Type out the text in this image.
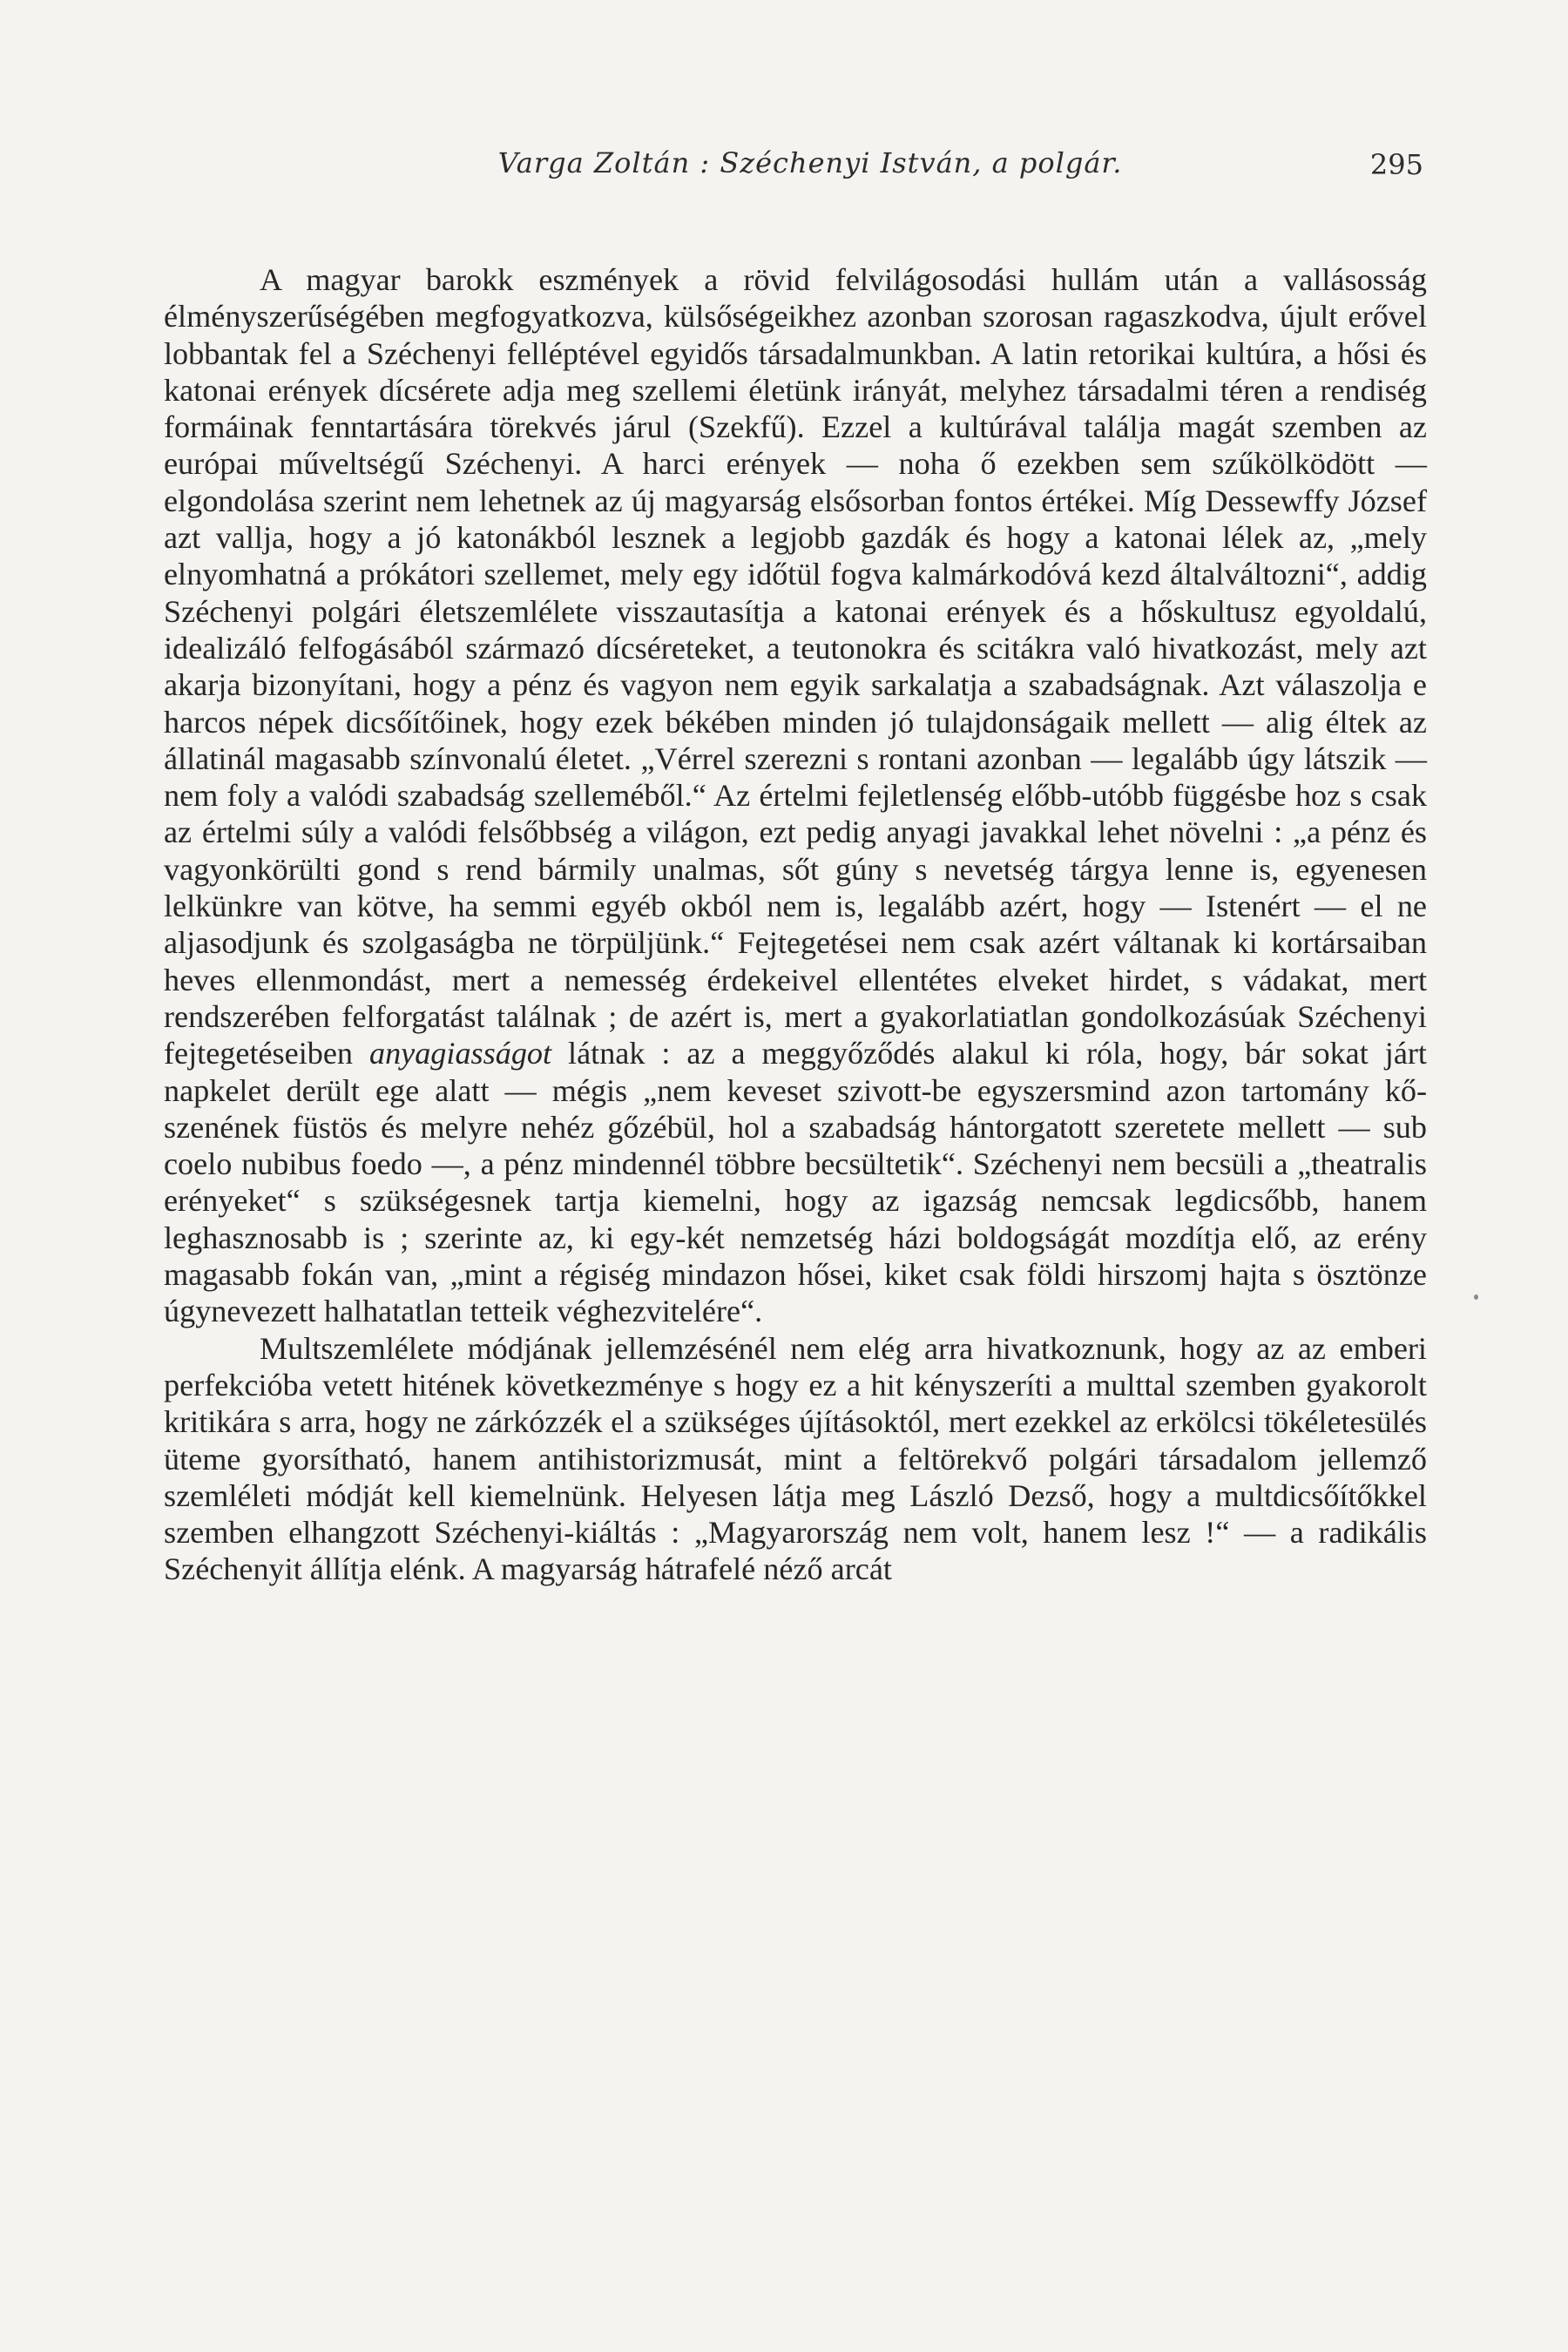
Varga Zoltán : Széchenyi István, a polgár.	295

A magyar barokk eszmények a rövid felvilágosodási hullám után a vallásosság élményszerűségében megfogyatkozva, külsőségeikhez azonban szorosan ragaszkodva, újult erővel lobbantak fel a Széchenyi felléptével egyidős társadalmunkban. A latin retorikai kultúra, a hősi és katonai erények dícsérete adja meg szellemi életünk irányát, melyhez társadalmi téren a rendiség formáinak fenntartására törekvés járul (Szekfű). Ezzel a kultúrával találja magát szemben az európai műveltségű Széchenyi. A harci erények — noha ő ezekben sem szűkölködött — elgondolása szerint nem lehetnek az új magyarság elsősorban fontos értékei. Míg Dessewffy József azt vallja, hogy a jó katonákból lesznek a legjobb gazdák és hogy a katonai lélek az, „mely elnyomhatná a prókátori szellemet, mely egy időtül fogva kalmárkodóvá kezd általváltozni“, addig Széchenyi polgári életszemlélete visszautasítja a katonai erények és a hőskultusz egyoldalú, idealizáló felfogásából származó dícséreteket, a teutonokra és scitákra való hivatkozást, mely azt akarja bizonyítani, hogy a pénz és vagyon nem egyik sarkalatja a szabadságnak. Azt válaszolja e harcos népek dicsőítőinek, hogy ezek békében minden jó tulajdonságaik mellett — alig éltek az állatinál magasabb színvonalú életet. „Vérrel szerezni s rontani azonban — legalább úgy látszik — nem foly a valódi szabadság szelleméből.“ Az értelmi fejletlenség előbb-utóbb függésbe hoz s csak az értelmi súly a valódi felsőbbség a világon, ezt pedig anyagi javakkal lehet növelni : „a pénz és vagyonkörülti gond s rend bármily unalmas, sőt gúny s nevetség tárgya lenne is, egyenesen lelkünkre van kötve, ha semmi egyéb okból nem is, legalább azért, hogy — Istenért — el ne aljasodjunk és szolgaságba ne törpüljünk.“ Fejtegetései nem csak azért váltanak ki kortársaiban heves ellenmondást, mert a nemesség érdekeivel ellentétes elveket hirdet, s vádakat, mert rendszerében felforgatást találnak ; de azért is, mert a gyakorlatiatlan gondolkozásúak Széchenyi fejtegetéseiben anyagiasságot látnak : az a meggyőződés alakul ki róla, hogy, bár sokat járt napkelet derült ege alatt — mégis „nem keveset szivott-be egyszersmind azon tartomány kő-szenének füstös és melyre nehéz gőzébül, hol a szabadság hántorgatott szeretete mellett — sub coelo nubibus foedo —, a pénz mindennél többre becsültetik“. Széchenyi nem becsüli a „theatralis erényeket“ s szükségesnek tartja kiemelni, hogy az igazság nemcsak legdicsőbb, hanem leghasznosabb is ; szerinte az, ki egy-két nemzetség házi boldogságát mozdítja elő, az erény magasabb fokán van, „mint a régiség mindazon hősei, kiket csak földi hirszomj hajta s ösztönze úgynevezett halhatatlan tetteik véghezvitelére“.

Multszemlélete módjának jellemzésénél nem elég arra hivatkoznunk, hogy az az emberi perfekcióba vetett hitének következménye s hogy ez a hit kényszeríti a multtal szemben gyakorolt kritikára s arra, hogy ne zárkózzék el a szükséges újításoktól, mert ezekkel az erkölcsi tökéletesülés üteme gyorsítható, hanem antihistorizmusát, mint a feltörekvő polgári társadalom jellemző szemléleti módját kell kiemelnünk. Helyesen látja meg László Dezső, hogy a multdicsőítőkkel szemben elhangzott Széchenyi-kiáltás : „Magyarország nem volt, hanem lesz !“ — a radikális Széchenyit állítja elénk. A magyarság hátrafelé néző arcát
